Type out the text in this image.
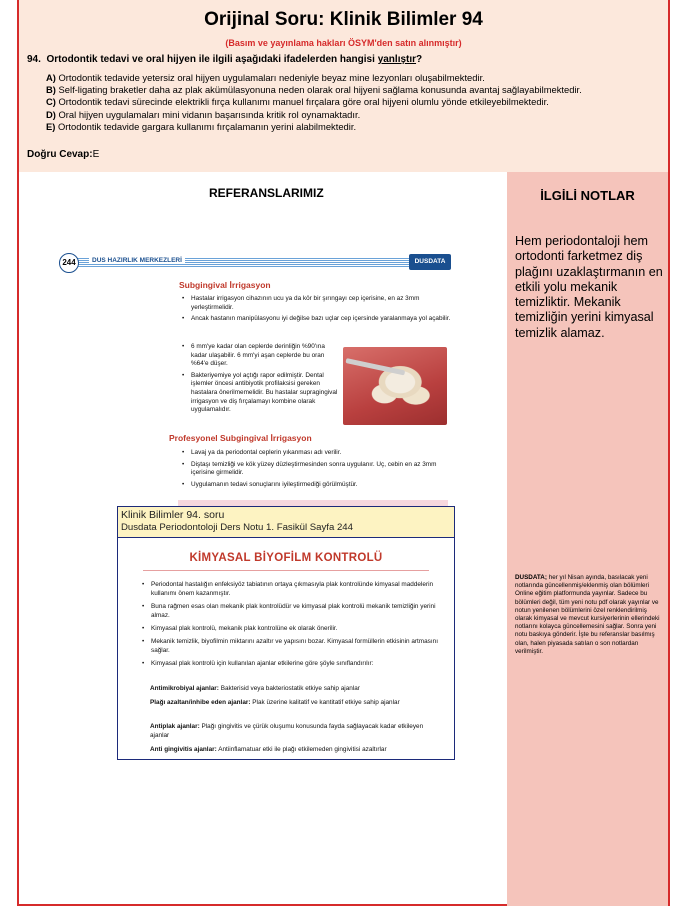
Orijinal Soru: Klinik Bilimler 94
(Basım ve yayınlama hakları ÖSYM'den satın alınmıştır)
94. Ortodontik tedavi ve oral hijyen ile ilgili aşağıdaki ifadelerden hangisi yanlıştır?
A) Ortodontik tedavide yetersiz oral hijyen uygulamaları nedeniyle beyaz mine lezyonları oluşabilmektedir.
B) Self-ligating braketler daha az plak akümülasyonuna neden olarak oral hijyeni sağlama konusunda avantaj sağlayabilmektedir.
C) Ortodontik tedavi sürecinde elektrikli fırça kullanımı manuel fırçalara göre oral hijyeni olumlu yönde etkileyebilmektedir.
D) Oral hijyen uygulamaları mini vidanın başarısında kritik rol oynamaktadır.
E) Ortodontik tedavide gargara kullanımı fırçalamanın yerini alabilmektedir.
Doğru Cevap:E
REFERANSLARIMIZ
244	DUS HAZIRLIK MERKEZLERİ	DUSDATA
Subgingival İrrigasyon
• Hastalar irrigasyon cihazının ucu ya da kör bir şırıngayı cep içerisine, en az 3mm yerleştirmelidir.
• Ancak hastanın manipülasyonu iyi değilse bazı uçlar cep içersinde yaralanmaya yol açabilir.
• 6 mm'ye kadar olan ceplerde derinliğin %90'ına kadar ulaşabilir. 6 mm'yi aşan ceplerde bu oran %64'e düşer.
• Bakteriyemiye yol açtığı rapor edilmiştir. Dental işlemler öncesi antibiyotik profilaksisi gereken hastalara önerilmemelidir. Bu hastalar supragingival irrigasyon ve diş fırçalamayı kombine olarak uygulamalıdır.
Profesyonel Subgingival İrrigasyon
• Lavaj ya da periodontal ceplerin yıkanması adı verilir.
• Diştaşı temizliği ve kök yüzey düzleştirmesinden sonra uygulanır. Uç, cebin en az 3mm içerisine girmelidir.
• Uygulamanın tedavi sonuçlarını iyileştirmediği görülmüştür.
Klinik Bilimler 94. soru
Dusdata Periodontoloji Ders Notu 1. Fasikül Sayfa 244
KİMYASAL BİYOFİLM KONTROLÜ
• Periodontal hastalığın enfeksiyöz tabiatının ortaya çıkmasıyla plak kontrolünde kimyasal maddelerin kullanımı önem kazanmıştır.
• Buna rağmen esas olan mekanik plak kontrolüdür ve kimyasal plak kontrolü mekanik temizliğin yerini almaz.
• Kimyasal plak kontrolü, mekanik plak kontrolüne ek olarak önerilir.
• Mekanik temizlik, biyofilmin miktarını azaltır ve yapısını bozar. Kimyasal formüllerin etkisinin artmasını sağlar.
• Kimyasal plak kontrolü için kullanılan ajanlar etkilerine göre şöyle sınıflandırılır:
Antimikrobiyal ajanlar: Bakterisid veya bakteriostatik etkiye sahip ajanlar
Plağı azaltan/inhibe eden ajanlar: Plak üzerine kalitatif ve kantitatif etkiye sahip ajanlar
Antiplak ajanlar: Plağı gingivitis ve çürük oluşumu konusunda fayda sağlayacak kadar etkileyen ajanlar
Anti gingivitis ajanlar: Antiinflamatuar etki ile plağı etkilemeden gingivitisi azaltırlar
İLGİLİ NOTLAR
Hem periodontaloji hem ortodonti farketmez diş plağını uzaklaştırmanın en etkili yolu mekanik temizliktir. Mekanik temizliğin yerini kimyasal temizlik alamaz.
DUSDATA; her yıl Nisan ayında, basılacak yeni notlarında güncellenmiş/eklenmiş olan bölümleri Online eğitim platformunda yayınlar. Sadece bu bölümleri değil, tüm yeni notu pdf olarak yayınlar ve notun yenilenen bölümlerini özel renklendirilmiş olarak kimyasal ve mevcut kursiyerlerinin ellerindeki notlarını kolayca güncellemesini sağlar. Sonra yeni notu baskıya gönderir. İşte bu referanslar basılmış olan, halen piyasada satılan o son notlardan verilmiştir.
